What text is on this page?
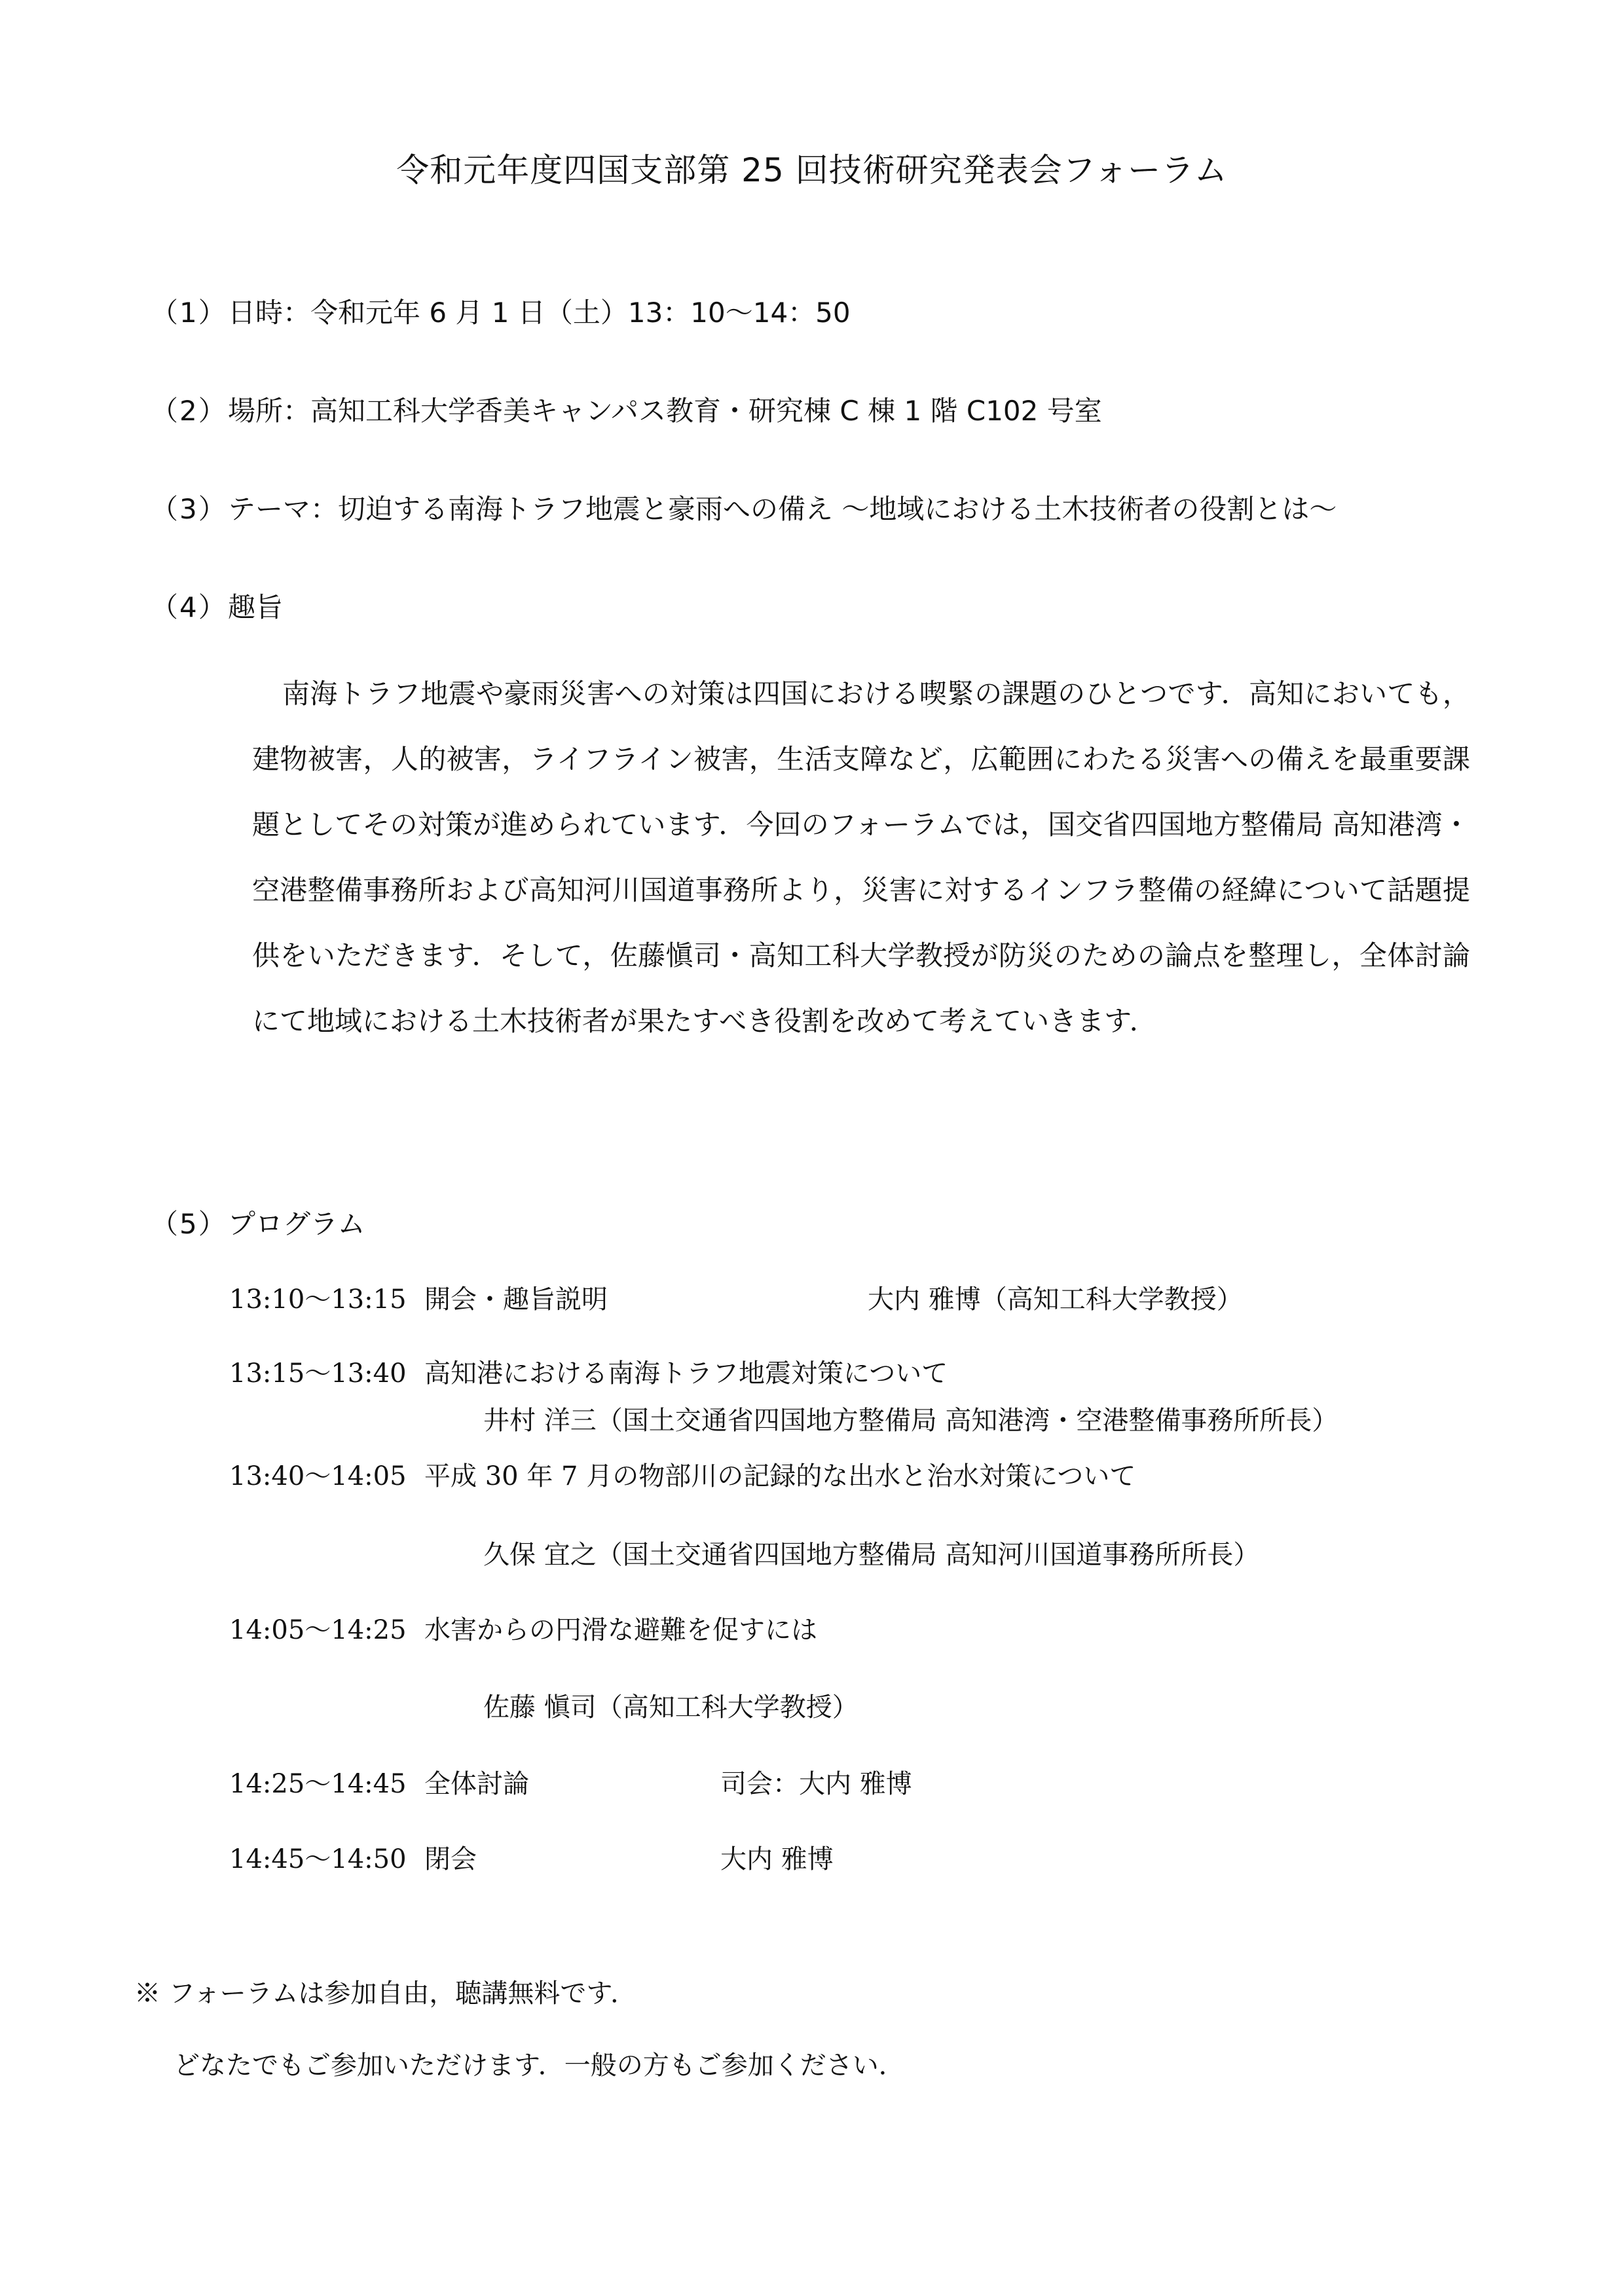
令和元年度四国支部第 25 回技術研究発表会フォーラム
（1）日時：令和元年 6 月 1 日（土）13：10〜14：50
（2）場所：高知工科大学香美キャンパス教育・研究棟 C 棟 1 階 C102 号室
（3）テーマ：切迫する南海トラフ地震と豪雨への備え 〜地域における土木技術者の役割とは〜
（4）趣旨
南海トラフ地震や豪雨災害への対策は四国における喫緊の課題のひとつです．高知においても，建物被害，人的被害，ライフライン被害，生活支障など，広範囲にわたる災害への備えを最重要課題としてその対策が進められています．今回のフォーラムでは，国交省四国地方整備局 高知港湾・空港整備事務所および高知河川国道事務所より，災害に対するインフラ整備の経緯について話題提供をいただきます．そして，佐藤愼司・高知工科大学教授が防災のための論点を整理し，全体討論にて地域における土木技術者が果たすべき役割を改めて考えていきます．
（5）プログラム
13:10〜13:15 開会・趣旨説明	大内 雅博（高知工科大学教授）
13:15〜13:40 高知港における南海トラフ地震対策について
井村 洋三（国土交通省四国地方整備局 高知港湾・空港整備事務所所長）
13:40〜14:05 平成 30 年 7 月の物部川の記録的な出水と治水対策について
久保 宜之（国土交通省四国地方整備局 高知河川国道事務所所長）
14:05〜14:25 水害からの円滑な避難を促すには
佐藤 愼司（高知工科大学教授）
14:25〜14:45 全体討論	司会：大内 雅博
14:45〜14:50 閉会	大内 雅博
※ フォーラムは参加自由，聴講無料です．
どなたでもご参加いただけます．一般の方もご参加ください．
